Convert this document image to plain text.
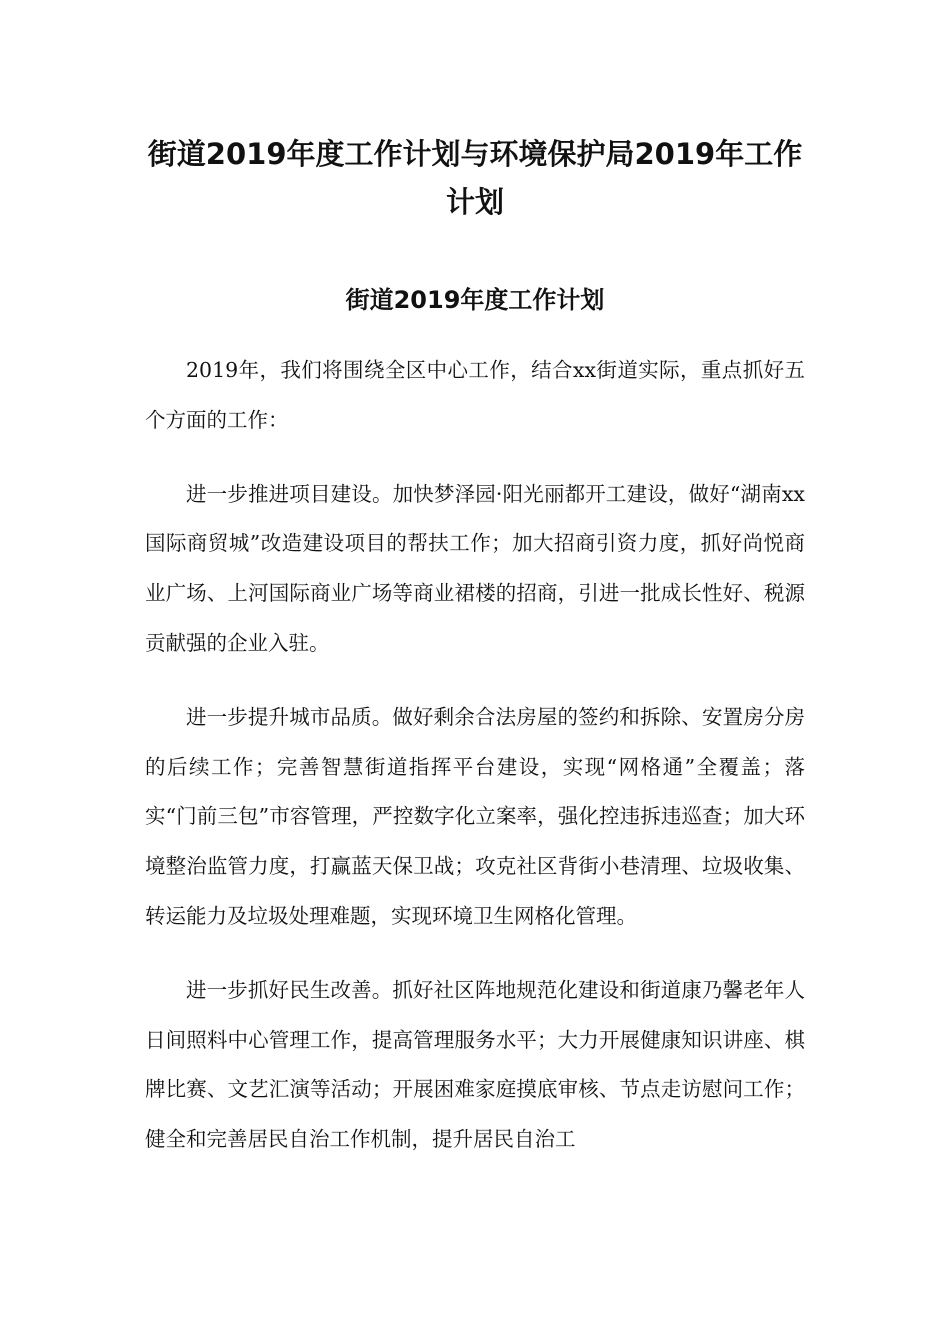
街道2019年度工作计划与环境保护局2019年工作计划
街道2019年度工作计划

2019年，我们将围绕全区中心工作，结合xx街道实际，重点抓好五个方面的工作：

进一步推进项目建设。加快梦泽园·阳光丽都开工建设，做好“湖南xx国际商贸城”改造建设项目的帮扶工作；加大招商引资力度，抓好尚悦商业广场、上河国际商业广场等商业裙楼的招商，引进一批成长性好、税源贡献强的企业入驻。

进一步提升城市品质。做好剩余合法房屋的签约和拆除、安置房分房的后续工作；完善智慧街道指挥平台建设，实现“网格通”全覆盖；落实“门前三包”市容管理，严控数字化立案率，强化控违拆违巡查；加大环境整治监管力度，打赢蓝天保卫战；攻克社区背街小巷清理、垃圾收集、转运能力及垃圾处理难题，实现环境卫生网格化管理。

进一步抓好民生改善。抓好社区阵地规范化建设和街道康乃馨老年人日间照料中心管理工作，提高管理服务水平；大力开展健康知识讲座、棋牌比赛、文艺汇演等活动；开展困难家庭摸底审核、节点走访慰问工作；健全和完善居民自治工作机制，提升居民自治工
